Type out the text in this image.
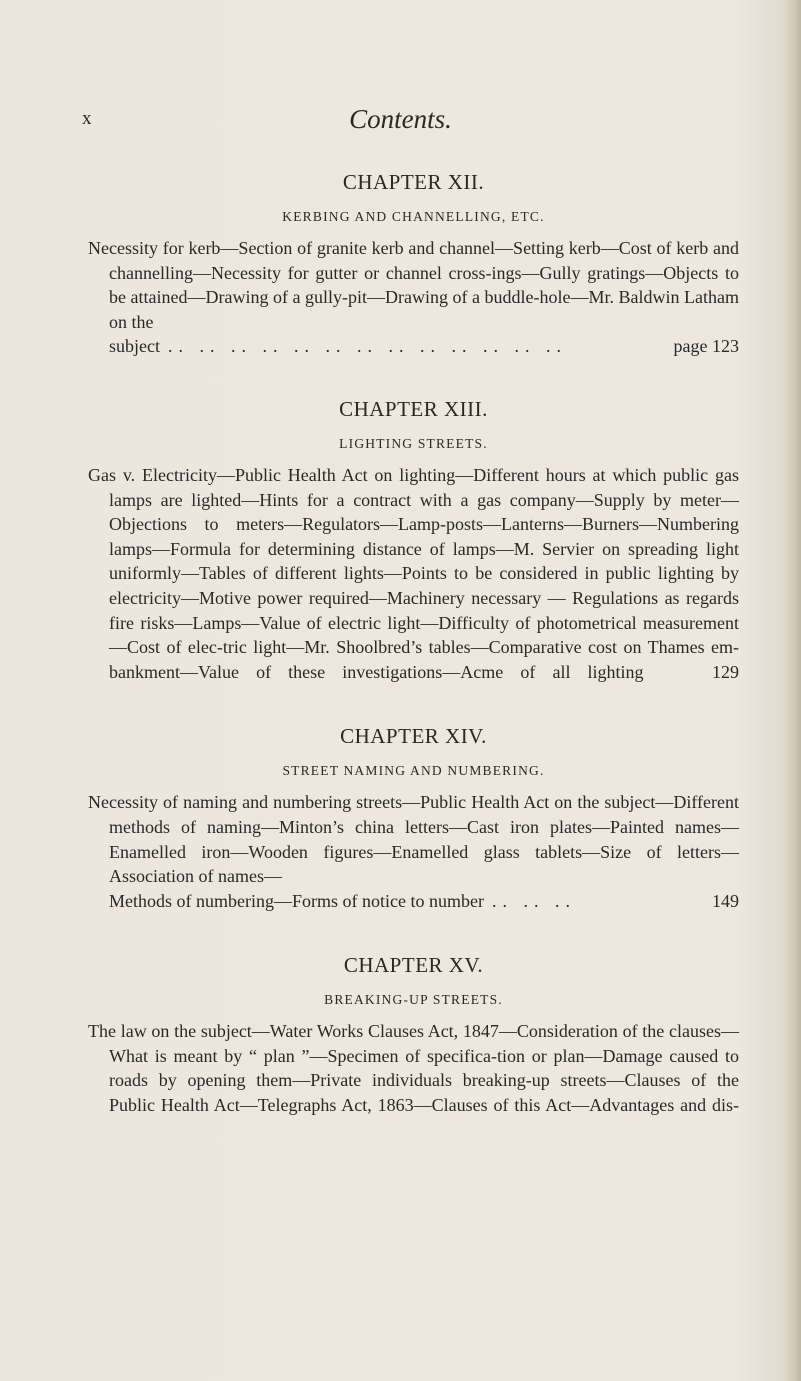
x	Contents.
CHAPTER XII.
KERBING AND CHANNELLING, ETC.
Necessity for kerb—Section of granite kerb and channel—Setting kerb—Cost of kerb and channelling—Necessity for gutter or channel cross-ings—Gully gratings—Objects to be attained—Drawing of a gully-pit—Drawing of a buddle-hole—Mr. Baldwin Latham on the
subject .. .. .. .. .. .. .. .. .. .. .. .. ..	page 123
CHAPTER XIII.
LIGHTING STREETS.
Gas v. Electricity—Public Health Act on lighting—Different hours at which public gas lamps are lighted—Hints for a contract with a gas company—Supply by meter—Objections to meters—Regulators—Lamp-posts—Lanterns—Burners—Numbering lamps—Formula for determining distance of lamps—M. Servier on spreading light uniformly—Tables of different lights—Points to be considered in public lighting by electricity—Motive power required—Machinery necessary — Regulations as regards fire risks—Lamps—Value of electric light—Difficulty of photometrical measurement—Cost of elec-tric light—Mr. Shoolbred’s tables—Comparative cost on Thames em-bankment—Value of these investigations—Acme of all lighting	129
CHAPTER XIV.
STREET NAMING AND NUMBERING.
Necessity of naming and numbering streets—Public Health Act on the subject—Different methods of naming—Minton’s china letters—Cast iron plates—Painted names—Enamelled iron—Wooden figures—Enamelled glass tablets—Size of letters—Association of names—
Methods of numbering—Forms of notice to number .. .. ..	149
CHAPTER XV.
BREAKING-UP STREETS.
The law on the subject—Water Works Clauses Act, 1847—Consideration of the clauses—What is meant by “ plan ”—Specimen of specifica-tion or plan—Damage caused to roads by opening them—Private individuals breaking-up streets—Clauses of the Public Health Act—Telegraphs Act, 1863—Clauses of this Act—Advantages and dis-
